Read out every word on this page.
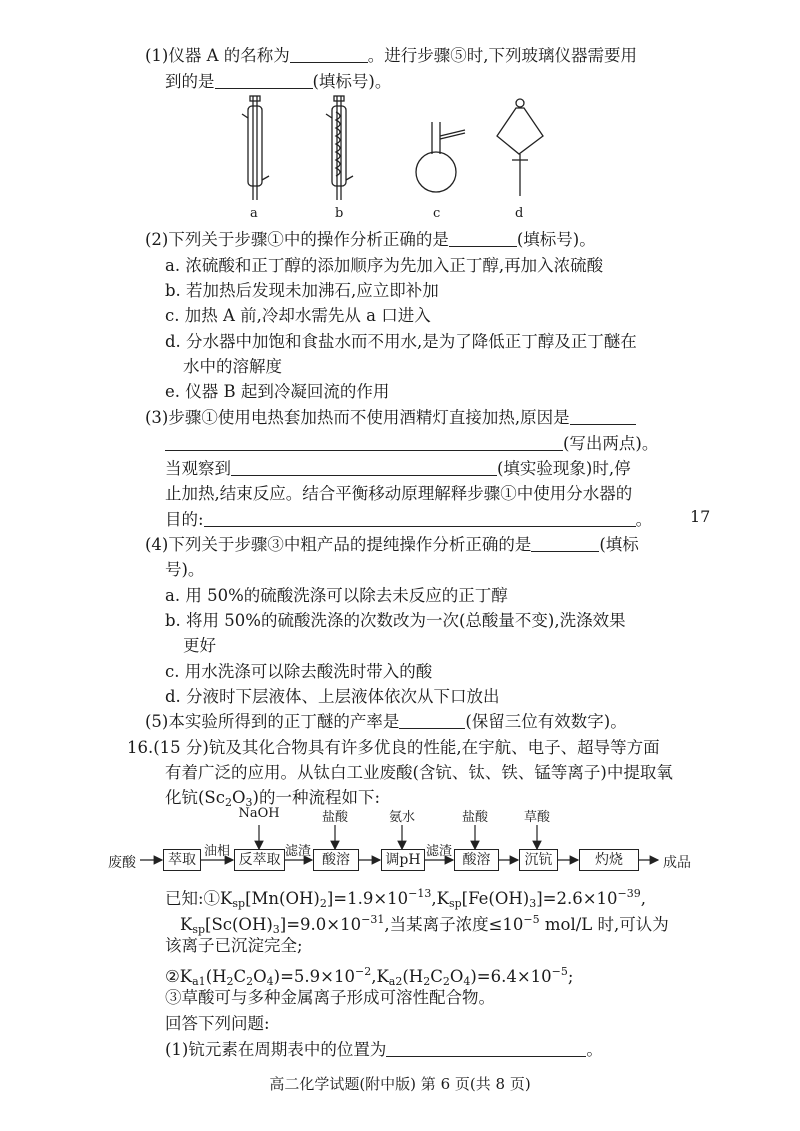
(1)仪器 A 的名称为	。进行步骤⑤时,下列玻璃仪器需要用
到的是	(填标号)。
a	b	c	d
(2)下列关于步骤①中的操作分析正确的是	(填标号)。
a. 浓硫酸和正丁醇的添加顺序为先加入正丁醇,再加入浓硫酸
b. 若加热后发现未加沸石,应立即补加
c. 加热 A 前,冷却水需先从 a 口进入
d. 分水器中加饱和食盐水而不用水,是为了降低正丁醇及正丁醚在
水中的溶解度
e. 仪器 B 起到冷凝回流的作用
(3)步骤①使用电热套加热而不使用酒精灯直接加热,原因是
(写出两点)。
当观察到	(填实验现象)时,停
止加热,结束反应。结合平衡移动原理解释步骤①中使用分水器的
目的:	。 17
(4)下列关于步骤③中粗产品的提纯操作分析正确的是	(填标
号)。
a. 用 50%的硫酸洗涤可以除去未反应的正丁醇
b. 将用 50%的硫酸洗涤的次数改为一次(总酸量不变),洗涤效果
更好
c. 用水洗涤可以除去酸洗时带入的酸
d. 分液时下层液体、上层液体依次从下口放出
(5)本实验所得到的正丁醚的产率是	(保留三位有效数字)。
16.(15 分)钪及其化合物具有许多优良的性能,在宇航、电子、超导等方面
有着广泛的应用。从钛白工业废酸(含钪、钛、铁、锰等离子)中提取氧
化钪$(Sc_2O_3)$的一种流程如下:
废酸	成品
萃取	反萃取	酸溶	调pH	酸溶	沉钪	灼烧
油相	滤渣	滤渣
NaOH	盐酸	氨水	盐酸	草酸
已知$:①K_{sp}[Mn(OH)_2]=1.9\times 10^{-13},K_{sp}[Fe(OH)_3]=2.6\times 10^{-39}$,
$K_{sp}[Sc(OH)_3]=9.0\times 10^{-31}$,当某离子浓度$\le 10^{-5}$ mol/L 时,可认为
该离子已沉淀完全;
$②K_{a1}(H_2C_2O_4)=5.9\times 10^{-2},K_{a2}(H_2C_2O_4)=6.4\times 10^{-5}$;
③草酸可与多种金属离子形成可溶性配合物。
回答下列问题:
(1)钪元素在周期表中的位置为	。
高二化学试题(附中版) 第 6 页(共 8 页)
